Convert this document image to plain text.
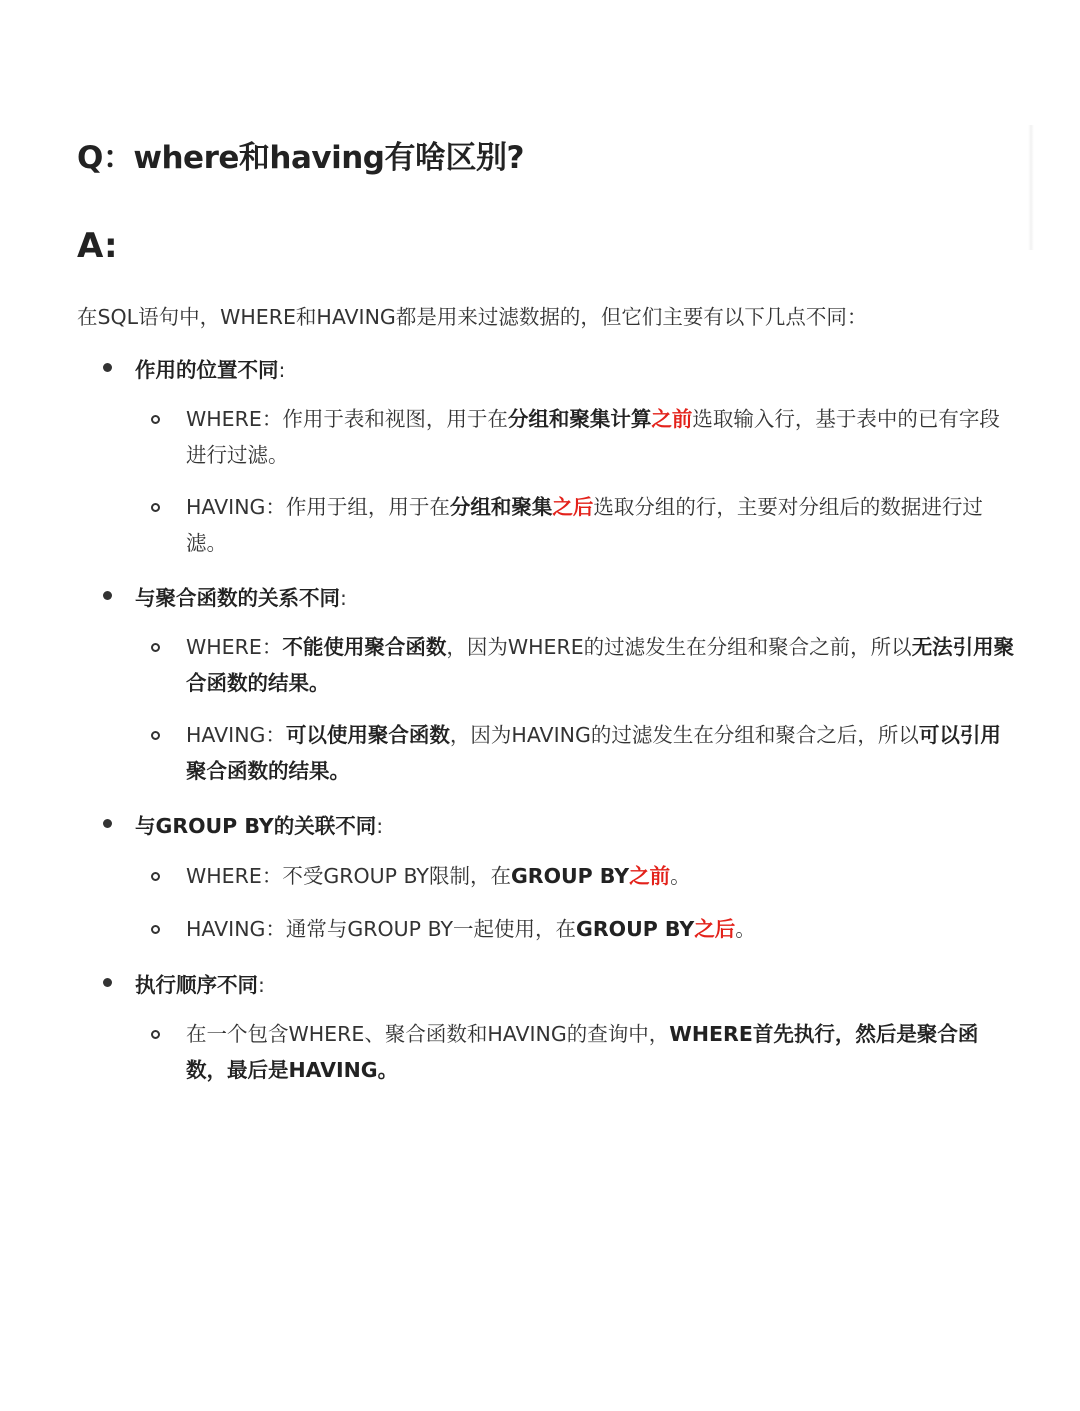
Q：where和having有啥区别?
A:

在SQL语句中，WHERE和HAVING都是用来过滤数据的，但它们主要有以下几点不同：

作用的位置不同:

WHERE：作用于表和视图，用于在分组和聚集计算之前选取输入行，基于表中的已有字段进行过滤。

HAVING：作用于组，用于在分组和聚集之后选取分组的行，主要对分组后的数据进行过滤。

与聚合函数的关系不同:

WHERE：不能使用聚合函数，因为WHERE的过滤发生在分组和聚合之前，所以无法引用聚合函数的结果。

HAVING：可以使用聚合函数，因为HAVING的过滤发生在分组和聚合之后，所以可以引用聚合函数的结果。

与GROUP BY的关联不同:

WHERE：不受GROUP BY限制，在GROUP BY之前。

HAVING：通常与GROUP BY一起使用，在GROUP BY之后。

执行顺序不同:

在一个包含WHERE、聚合函数和HAVING的查询中，WHERE首先执行，然后是聚合函数，最后是HAVING。
